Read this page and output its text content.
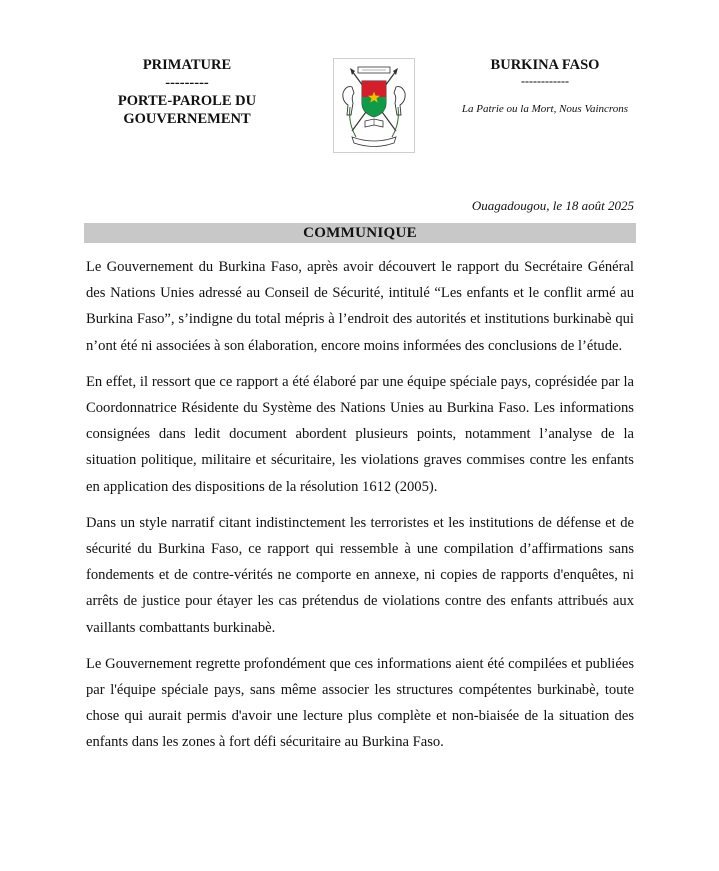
PRIMATURE
---------
PORTE-PAROLE DU
GOUVERNEMENT
BURKINA FASO
------------
La Patrie ou la Mort, Nous Vaincrons
Ouagadougou, le 18 août 2025
COMMUNIQUE

Le Gouvernement du Burkina Faso, après avoir découvert le rapport du Secrétaire Général des Nations Unies adressé au Conseil de Sécurité, intitulé “Les enfants et le conflit armé au Burkina Faso”, s’indigne du total mépris à l’endroit des autorités et institutions burkinabè qui n’ont été ni associées à son élaboration, encore moins informées des conclusions de l’étude.

En effet, il ressort que ce rapport a été élaboré par une équipe spéciale pays, coprésidée par la Coordonnatrice Résidente du Système des Nations Unies au Burkina Faso. Les informations consignées dans ledit document abordent plusieurs points, notamment l’analyse de la situation politique, militaire et sécuritaire, les violations graves commises contre les enfants en application des dispositions de la résolution 1612 (2005).

Dans un style narratif citant indistinctement les terroristes et les institutions de défense et de sécurité du Burkina Faso, ce rapport qui ressemble à une compilation d’affirmations sans fondements et de contre-vérités ne comporte en annexe, ni copies de rapports d'enquêtes, ni arrêts de justice pour étayer les cas prétendus de violations contre des enfants attribués aux vaillants combattants burkinabè.

Le Gouvernement regrette profondément que ces informations aient été compilées et publiées par l'équipe spéciale pays, sans même associer les structures compétentes burkinabè, toute chose qui aurait permis d'avoir une lecture plus complète et non-biaisée de la situation des enfants dans les zones à fort défi sécuritaire au Burkina Faso.
